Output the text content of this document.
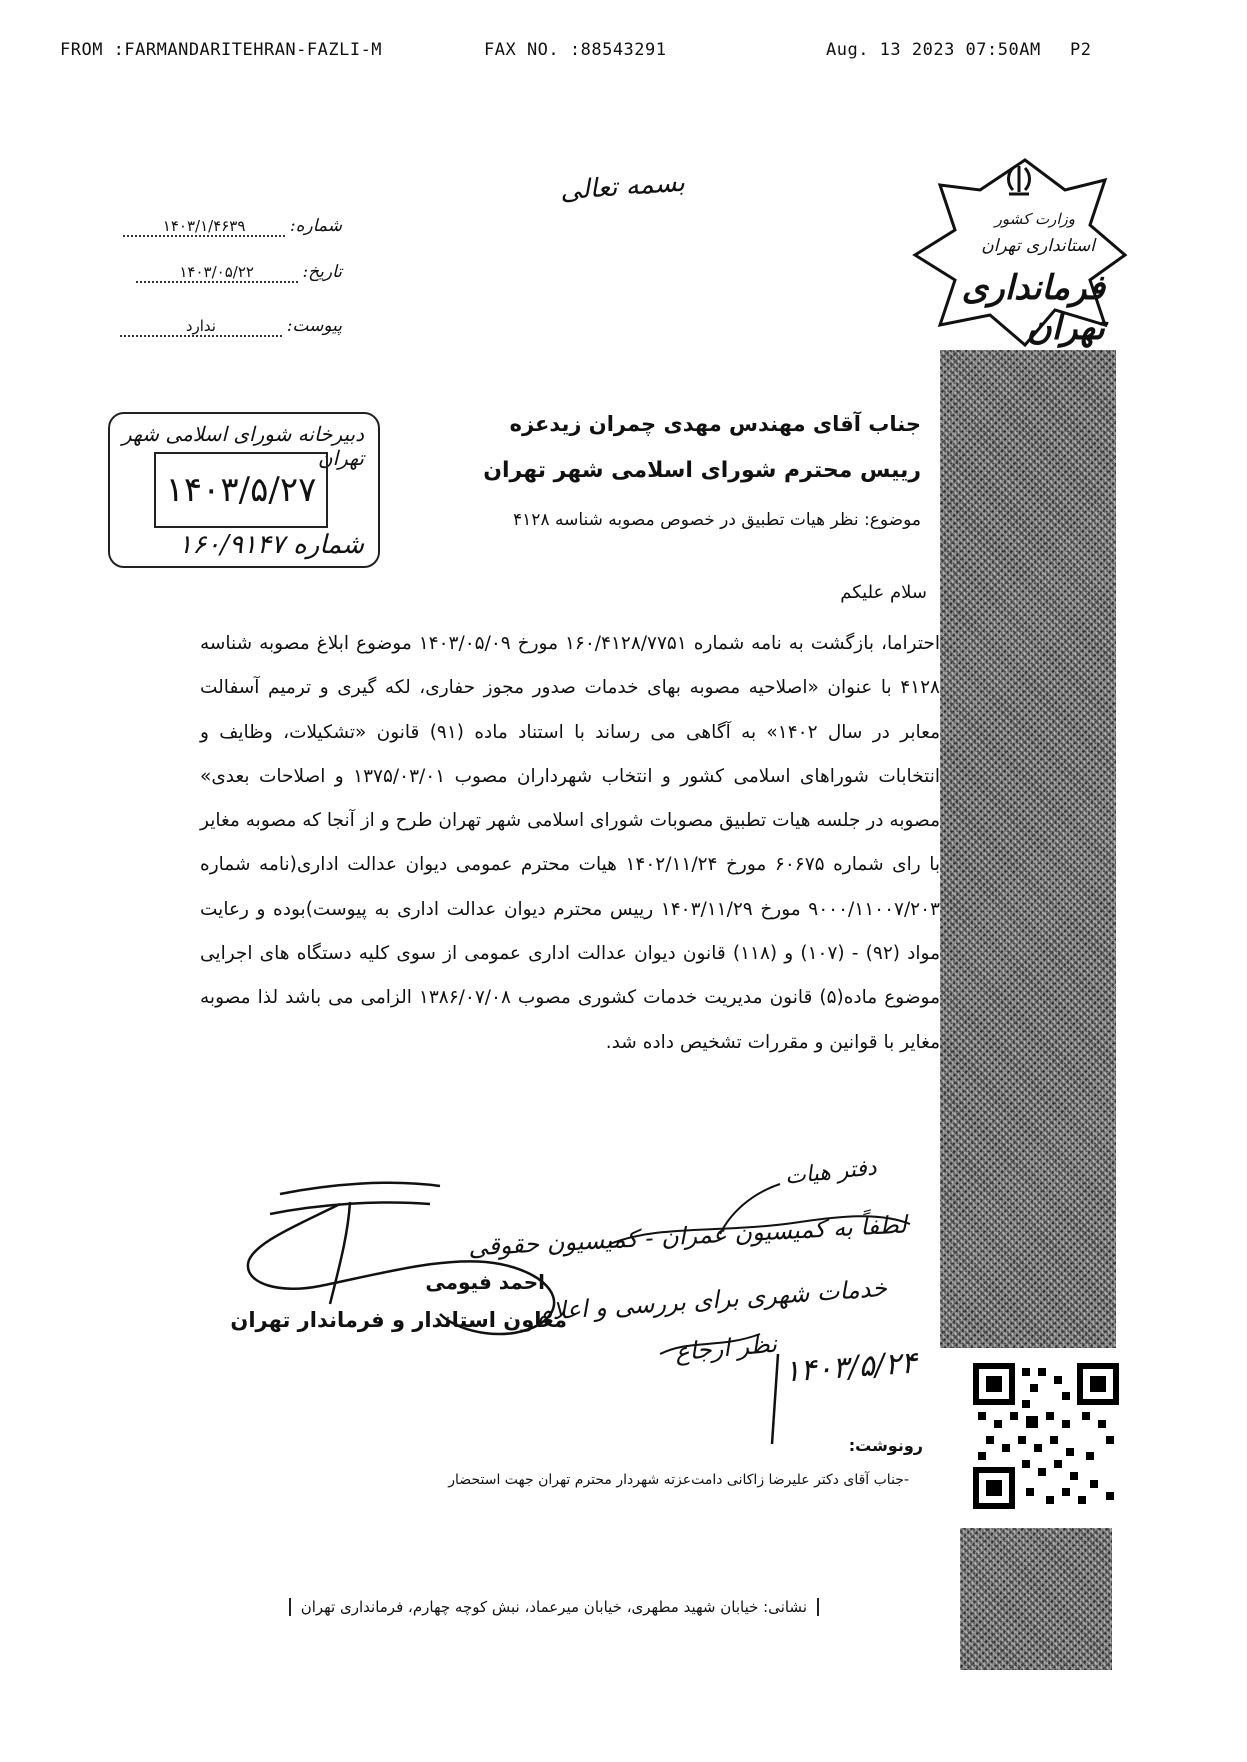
FROM :FARMANDARITEHRAN-FAZLI-M	FAX NO. :88543291	Aug. 13 2023 07:50AM P2
بسمه تعالی
شماره: ۱۴۰۳/۱/۴۶۳۹
تاریخ: ۱۴۰۳/۰۵/۲۲
پیوست: ندارد
وزارت کشور
استانداری تهران
فرمانداری تهران
دبیرخانه شورای اسلامی شهر تهران
۱۴۰۳/۵/۲۷
شماره ۱۶۰/۹۱۴۷
جناب آقای مهندس مهدی چمران زیدعزه
رییس محترم شورای اسلامی شهر تهران
موضوع: نظر هیات تطبیق در خصوص مصوبه شناسه ۴۱۲۸
سلام علیکم

احتراما، بازگشت به نامه شماره ۱۶۰/۴۱۲۸/۷۷۵۱ مورخ ۱۴۰۳/۰۵/۰۹ موضوع ابلاغ مصوبه شناسه ۴۱۲۸ با عنوان «اصلاحیه مصوبه بهای خدمات صدور مجوز حفاری، لکه گیری و ترمیم آسفالت معابر در سال ۱۴۰۲» به آگاهی می رساند با استناد ماده (۹۱) قانون «تشکیلات، وظایف و انتخابات شوراهای اسلامی کشور و انتخاب شهرداران مصوب ۱۳۷۵/۰۳/۰۱ و اصلاحات بعدی» مصوبه در جلسه هیات تطبیق مصوبات شورای اسلامی شهر تهران طرح و از آنجا که مصوبه مغایر با رای شماره ۶۰۶۷۵ مورخ ۱۴۰۲/۱۱/۲۴ هیات محترم عمومی دیوان عدالت اداری(نامه شماره ۹۰۰۰/۱۱۰۰۷/۲۰۳ مورخ ۱۴۰۳/۱۱/۲۹ رییس محترم دیوان عدالت اداری به پیوست)بوده و رعایت مواد (۹۲) - (۱۰۷) و (۱۱۸) قانون دیوان عدالت اداری عمومی از سوی کلیه دستگاه های اجرایی موضوع ماده(۵) قانون مدیریت خدمات کشوری مصوب ۱۳۸۶/۰۷/۰۸ الزامی می باشد لذا مصوبه مغایر با قوانین و مقررات تشخیص داده شد.

دفتر هیات
لطفاً به کمیسیون عمران - کمیسیون حقوقی
خدمات شهری برای بررسی و اعلام
نظر ارجاع ۱۴۰۳/۵/۲۴
احمد فیومی
معاون استاندار و فرماندار تهران
رونوشت:
-جناب آقای دکتر علیرضا زاکانی دامت‌عزته شهردار محترم تهران جهت استحضار
نشانی: خیابان شهید مطهری، خیابان میرعماد، نبش کوچه چهارم، فرمانداری تهران
